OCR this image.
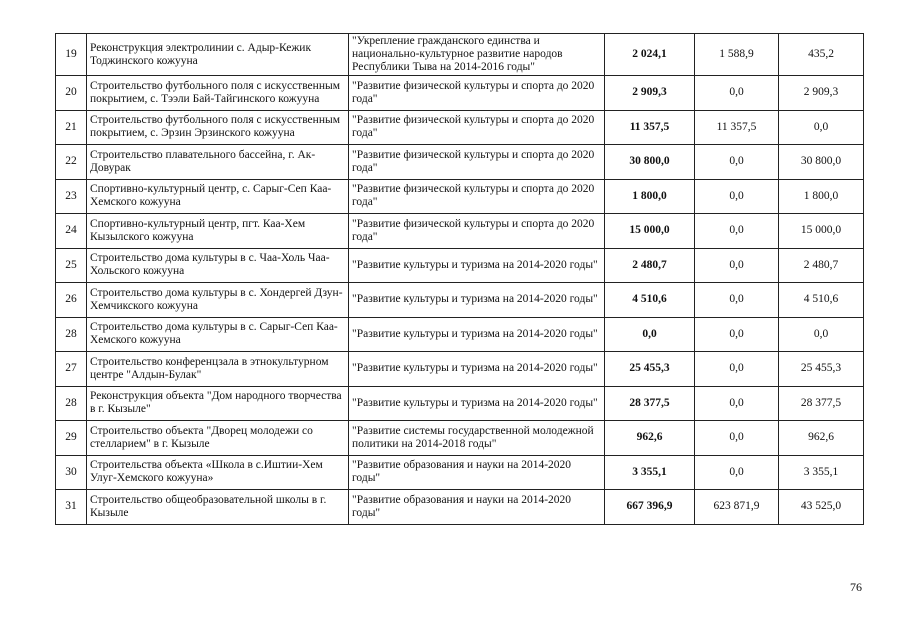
19	Реконструкция электролинии с. Адыр-Кежик Тоджинского кожууна	"Укрепление гражданского единства и национально-культурное развитие народов Республики Тыва на 2014-2016 годы"	2 024,1	1 588,9	435,2
20	Строительство футбольного поля с искусственным покрытием, с. Тээли Бай-Тайгинского кожууна	"Развитие физической культуры и спорта до 2020 года"	2 909,3	0,0	2 909,3
21	Строительство футбольного поля с искусственным покрытием, с. Эрзин Эрзинского кожууна	"Развитие физической культуры и спорта до 2020 года"	11 357,5	11 357,5	0,0
22	Строительство плавательного бассейна, г. Ак-Довурак	"Развитие физической культуры и спорта до 2020 года"	30 800,0	0,0	30 800,0
23	Спортивно-культурный центр, с. Сарыг-Сеп Каа-Хемского кожууна	"Развитие физической культуры и спорта до 2020 года"	1 800,0	0,0	1 800,0
24	Спортивно-культурный центр, пгт. Каа-Хем Кызылского кожууна	"Развитие физической культуры и спорта до 2020 года"	15 000,0	0,0	15 000,0
25	Строительство дома культуры в с. Чаа-Холь Чаа-Хольского кожууна	"Развитие культуры и туризма на 2014-2020 годы"	2 480,7	0,0	2 480,7
26	Строительство дома культуры в с. Хондергей Дзун-Хемчикского кожууна	"Развитие культуры и туризма на 2014-2020 годы"	4 510,6	0,0	4 510,6
28	Строительство дома культуры в с. Сарыг-Сеп Каа-Хемского кожууна	"Развитие культуры и туризма на 2014-2020 годы"	0,0	0,0	0,0
27	Строительство конференцзала в этнокультурном центре "Алдын-Булак"	"Развитие культуры и туризма на 2014-2020 годы"	25 455,3	0,0	25 455,3
28	Реконструкция объекта "Дом народного творчества в г. Кызыле"	"Развитие культуры и туризма на 2014-2020 годы"	28 377,5	0,0	28 377,5
29	Строительство объекта "Дворец молодежи со стелларием" в г. Кызыле	"Развитие системы государственной молодежной политики на 2014-2018 годы"	962,6	0,0	962,6
30	Строительства объекта «Школа в с.Иштии-Хем Улуг-Хемского кожууна»	"Развитие образования и науки на 2014-2020 годы"	3 355,1	0,0	3 355,1
31	Строительство общеобразовательной школы в г. Кызыле	"Развитие образования и науки на 2014-2020 годы"	667 396,9	623 871,9	43 525,0
76
